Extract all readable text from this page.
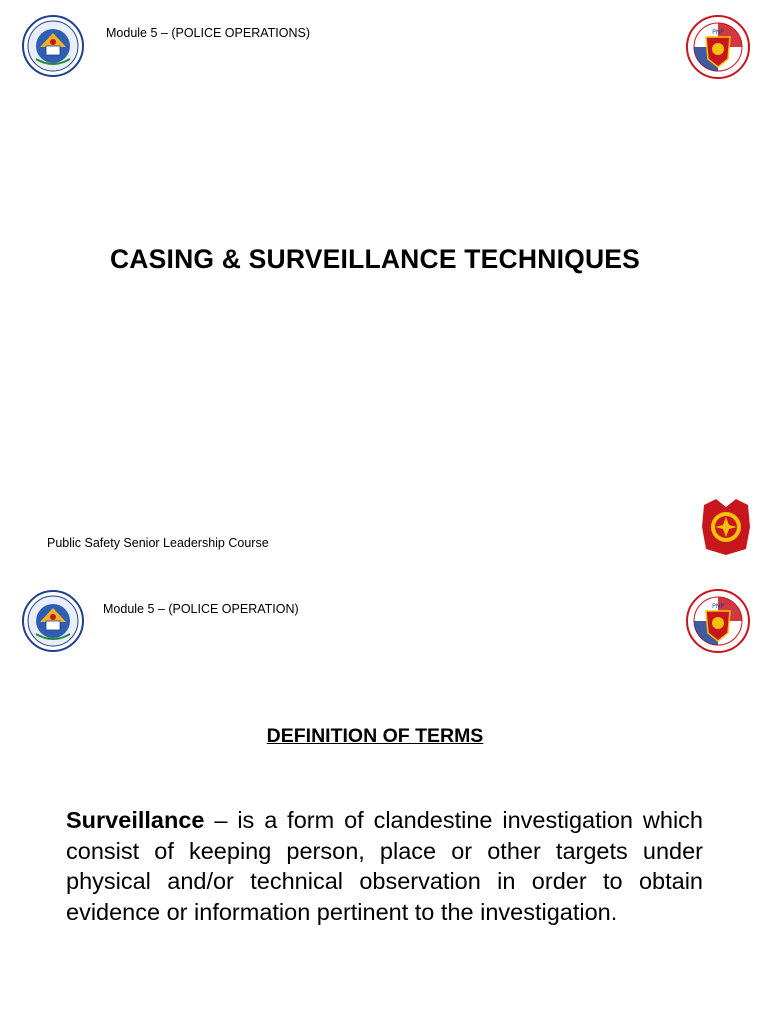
Module 5 – (POLICE OPERATIONS)	PNP
CASING & SURVEILLANCE TECHNIQUES
Public Safety Senior Leadership Course
Module 5 – (POLICE OPERATION)	PNP
DEFINITION OF TERMS
Surveillance – is a form of clandestine investigation which consist of keeping person, place or other targets under physical and/or technical observation in order to obtain evidence or information pertinent to the investigation.
